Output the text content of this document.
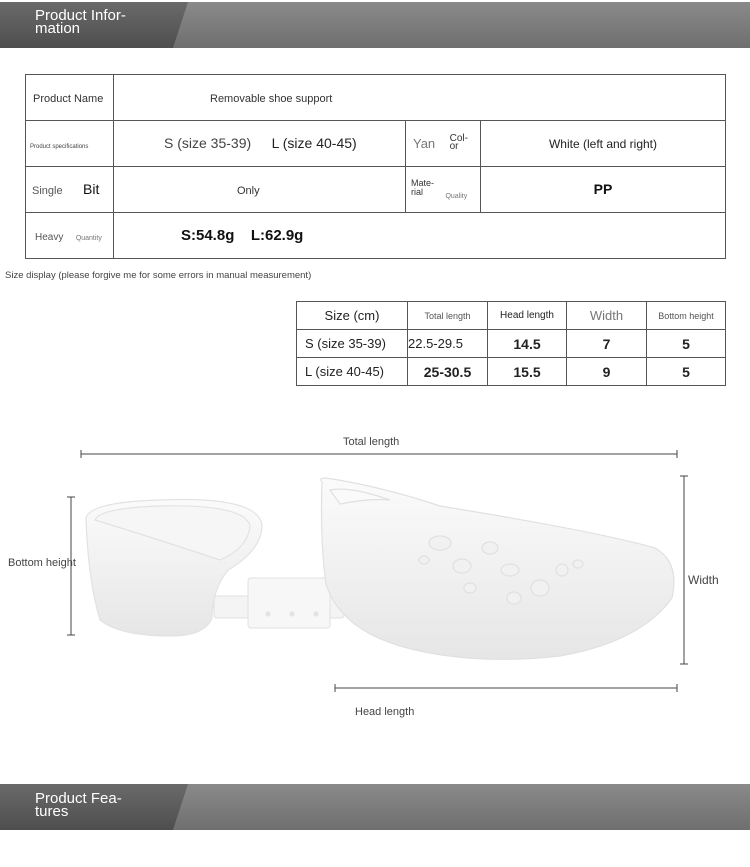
Product Infor- mation
Product Name	Removable shoe support		
Product specifications	S (size 35-39) L (size 40-45)	Yan Col- or	White (left and right)
Single Bit	Only	Mate- rial $_{Quality}$	PP
Heavy Quantity	S:54.8g L:62.9g		
Size display (please forgive me for some errors in manual measurement)
Size (cm)	Total length	Head length	Width	Bottom height
S (size 35-39)	22.5-29.5	14.5	7	5
L (size 40-45)	25-30.5	15.5	9	5
Total length
Bottom height
Width
Head length
Product Fea- tures
